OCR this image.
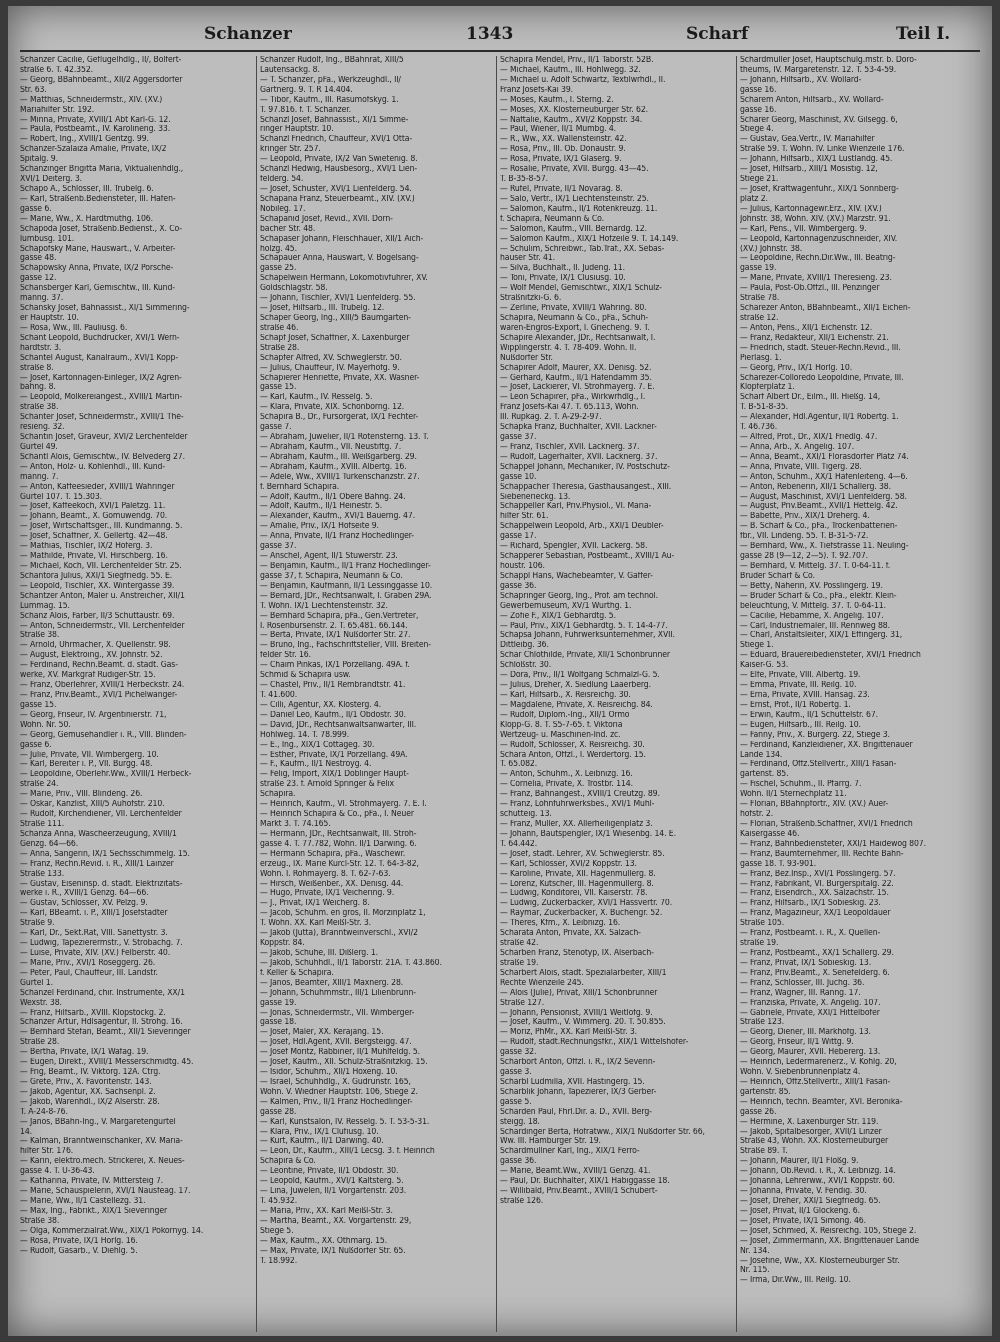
Schanzer	1343	Scharf	Teil I.
Schanzer Cäcilie, Geflügelhdlg., II/, Bolfert-
straße 6. T. 42.352.
— Georg, BBahnbeamt., XII/2 Aggersdorfer
Str. 63.
— Matthias, Schneidermstr., XIV. (XV.)
Mariahilfer Str. 192.
— Minna, Private, XVIII/1 Abt Karl-G. 12.
— Paula, Postbeamt., IV. Karolineng. 33.
— Robert, Ing., XVIII/1 Gentzg. 99.
Schanzer-Szalaiza Amalie, Private, IX/2
Spitalg. 9.
Schanzinger Brigitta Maria, Viktualienhdlg.,
XVI/1 Deiterg. 3.
Schapo A., Schlosser, III. Trubelg. 6.
— Karl, Straßenb.Bediensteter, III. Hafen-
gasse 6.
— Marie, Ww., X. Hardtmuthg. 106.
Schapoda Josef, Straßenb.Bedienst., X. Co-
lumbusg. 101.
Schapofsky Marie, Hauswärt., V. Arbeiter-
gasse 48.
Schapowsky Anna, Private, IX/2 Porsche-
gasse 12.
Schansberger Karl, Gemischtw., III. Kund-
manng. 37.
Schansky Josef, Bahnassist., XI/1 Simmering-
er Hauptstr. 10.
— Rosa, Ww., III. Pauliusg. 6.
Schant Leopold, Buchdrucker, XVI/1 Wern-
hardtstr. 3.
Schantel August, Kanalräum., XVI/1 Kopp-
straße 8.
— Josef, Kartonnagen-Einleger, IX/2 Agren-
bahng. 8.
— Leopold, Molkereiangest., XVIII/1 Martin-
straße 38.
Schanter Josef, Schneidermstr., XVIII/1 Thé-
resieng. 32.
Schantin Josef, Graveur, XVI/2 Lerchenfelder
Gürtel 49.
Schantl Alois, Gemischtw., IV. Belvederg 27.
— Anton, Holz- u. Kohlenhdl., III. Kund-
manng. 7.
— Anton, Kaffeesieder, XVIII/1 Währinger
Gürtel 107. T. 15.303.
— Josef, Kaffeekoch, XVI/1 Paletzg. 11.
— Johann, Beamt., X. Gomuwendg. 70.
— Josef, Wirtschaftsger., III. Kundmanng. 5.
— Josef, Schaffner, X. Gellertg. 42—48.
— Mathias, Tischler, IX/2 Höferg. 3.
— Mathilde, Private, VI. Hirschberg. 16.
— Michael, Koch, VII. Lerchenfelder Str. 25.
Schantora Julius, XXI/1 Siegfriedg. 55. E.
— Leopold, Tischler, XX. Wintergasse 39.
Schantzer Anton, Maler u. Anstreicher, XII/1
Lummag. 15.
Schanz Alois, Färber, II/3 Schüttaustr. 69.
— Anton, Schneidermstr., VII. Lerchenfelder
Straße 38.
— Arnold, Uhrmacher, X. Quellenstr. 98.
— August, Elektroing., XV. Johnstr. 52.
— Ferdinand, Rechn.Beamt. d. städt. Gas-
werke, XV. Markgraf Rüdiger-Str. 15.
— Franz, Oberlehrer, XVIII/1 Herbeckstr. 24.
— Franz, Priv.Beamt., XVI/1 Pichelwanger-
gasse 15.
— Georg, Friseur, IV. Argentinierstr. 71,
Wohn. Nr. 50.
— Georg, Gemüsehändler i. R., VIII. Blinden-
gasse 6.
— Julie, Private, VII. Wimbergerg. 10.
— Karl, Bereiter i. P., VII. Burgg. 48.
— Leopoldine, Oberlehr.Ww., XVIII/1 Herbeck-
straße 24.
— Marie, Priv., VIII. Blindeng. 26.
— Oskar, Kanzlist, XIII/5 Auhofstr. 210.
— Rudolf, Kirchendiener, VII. Lerchenfelder
Straße 111.
Schanza Anna, Wäscheerzeugung, XVIII/1
Genzg. 64—66.
— Anna, Sängerin, IX/1 Sechsschimmelg. 15.
— Franz, Rechn.Revid. i. R., XIII/1 Lainzer
Straße 133.
— Gustav, Eiseninsp. d. städt. Elektrizitäts-
werke i. R., XVIII/1 Genzg. 64—66.
— Gustav, Schlosser, XV. Pelzg. 9.
— Karl, BBeamt. i. P., XIII/1 Josefstädter
Straße 9.
— Karl, Dr., Sekt.Rat, VIII. Sanettystr. 3.
— Ludwig, Tapezierermstr., V. Strobachg. 7.
— Luise, Private, XIV. (XV.) Felberstr. 40.
— Marie, Priv., XVI/1 Roseggerg. 26.
— Peter, Paul, Chauffeur, III. Landstr.
Gürtel 1.
Schänzel Ferdinand, chir. Instrumente, XX/1
Wexstr. 38.
— Franz, Hilfsarb., XVIII. Klopstockg. 2.
Schanzer Artur, Hdlsagentur, II. Strohg. 16.
— Bernhard Stefan, Beamt., XII/1 Sieveringer
Straße 28.
— Bertha, Private, IX/1 Wafag. 19.
— Eugen, Direkt., XVIII/1 Messerschmidtg. 45.
— Frig, Beamt., IV. Viktorg. 12A. Ctrg.
— Grete, Priv., X. Favoritenstr. 143.
— Jakob, Agentur, XX. Sachsenpl. 2.
— Jakob, Warenhdl., IX/2 Alserstr. 28.
T. A-24-8-76.
— Janos, BBahn-Ing., V. Margaretengürtel
14.
— Kalman, Branntweinschänker, XV. Maria-
hilfer Str. 176.
— Karin, elektro.mech. Strickerei, X. Neues-
gasse 4. T. U-36-43.
— Katharina, Private, IV. Mittersteig 7.
— Marie, Schauspielerin, XVI/1 Nausfeag. 17.
— Marie, Ww., II/1 Castellezg. 31.
— Max, Ing., Fabrikt., XIX/1 Sieveringer
Straße 38.
— Olga, Kommerzialrat.Ww., XIX/1 Pokornyg. 14.
— Rosa, Private, IX/1 Hörlg. 16.
— Rudolf, Gasarb., V. Diehlg. 5.
Schanzer Rudolf, Ing., BBahnrat, XIII/5
Lautensackg. 8.
— T. Schanzer, pFa., Werkzeughdl., II/
Gärtnerg. 9. T. R 14.404.
— Tibor, Kaufm., III. Rasumofskyg. 1.
T. 97.816. f. T. Schanzer.
Schanzl Josef, Bahnassist., XI/1 Simme-
ringer Hauptstr. 10.
Schanzl Friedrich, Chauffeur, XVI/1 Otta-
kringer Str. 257.
— Leopold, Private, IX/2 Van Swietenig. 8.
Schänzl Hedwig, Hausbesorg., XVI/1 Lien-
felderg. 54.
— Josef, Schuster, XVI/1 Lienfelderg. 54.
Schapana Franz, Steuerbeamt., XIV. (XV.)
Nobileg. 17.
Schapanid Josef, Revid., XVII. Dorn-
bacher Str. 48.
Schapaser Johann, Fleischhauer, XII/1 Aich-
holzg. 45.
Schapauer Anna, Hauswart, V. Bogelsang-
gasse 25.
Schapelwein Hermann, Lokomotivführer, XV.
Goldschlagstr. 58.
— Johann, Tischler, XVI/1 Lienfelderg. 55.
— Josef, Hilfsarb., III. Trubelg. 12.
Schaper Georg, Ing., XIII/5 Baumgarten-
straße 46.
Schapf Josef, Schaffner, X. Laxenburger
Straße 28.
Schapfer Alfred, XV. Schweglerstr. 50.
— Julius, Chauffeur, IV. Mayerhofg. 9.
Schapierer Henriette, Private, XX. Wasner-
gasse 15.
— Karl, Kaufm., IV. Resselg. 5.
— Klara, Private, XIX. Schönborng. 12.
Schapira B., Dr., Fürsorgerat, IX/1 Fechter-
gasse 7.
— Abraham, Juwelier, II/1 Rotensterng. 13. T.
— Abraham, Kaufm., VII. Neustiftg. 7.
— Abraham, Kaufm., III. Weißgärberg. 29.
— Abraham, Kaufm., XVIII. Albertg. 16.
— Adele, Ww., XVIII/1 Türkenschanzstr. 27.
f. Bernhard Schapira.
— Adolf, Kaufm., II/1 Obere Bahng. 24.
— Adolf, Kaufm., II/1 Heinestr. 5.
— Alexander, Kaufm., XVI/1 Bauerng. 47.
— Amalie, Priv., IX/1 Hofseite 9.
— Anna, Private, II/1 Franz Hochedlinger-
gasse 37.
— Anschel, Agent, II/1 Stuwerstr. 23.
— Benjamin, Kaufm., II/1 Franz Hochedlinger-
gasse 37, f. Schapira, Neumann & Co.
— Benjamin, Kaufmann, II/1 Lessinggasse 10.
— Bernard, JDr., Rechtsanwalt, I. Graben 29A.
T. Wohn. IX/1 Liechtensteinstr. 32.
— Bernhard Schapira, pFa., Gen.Vertreter,
I. Rosenbursenstr. 2. T. 65.481. 66.144.
— Berta, Private, IX/1 Nußdorfer Str. 27.
— Bruno, Ing., Fachschriftsteller, VIII. Breiten-
felder Str. 16.
— Chaim Pinkas, IX/1 Porzellang. 49A. f.
Schmid & Schapira usw.
— Chastel, Priv., II/1 Rembrandtstr. 41.
T. 41.600.
— Cilli, Agentur, XX. Klosterg. 4.
— Daniel Leo, Kaufm., II/1 Obdostr. 30.
— David, JDr., Rechtsanwaltsanwärter, III.
Hohlweg. 14. T. 78.999.
— E., Ing., XIX/1 Cottageg. 30.
— Esther, Private, IX/1 Porzellang. 49A.
— F., Kaufm., II/1 Nestroyg. 4.
— Felig, Import, XIX/1 Döblinger Haupt-
straße 23. f. Arnold Springer & Felix
Schapira.
— Heinrich, Kaufm., VI. Strohmayerg. 7. E. I.
— Heinrich Schapira & Co., pFa., I. Neuer
Markt 3. T. 74.165.
— Hermann, JDr., Rechtsanwalt, III. Stroh-
gasse 4. T. 77.782, Wohn. II/1 Darwing. 6.
— Hermann Schapira, pFa., Wäschewr.
erzeug., IX. Marie Kurcl-Str. 12. T. 64-3-82,
Wohn. I. Rohmayerg. 8. T. 62-7-63.
— Hirsch, Weißenber., XX. Denisg. 44.
— Hugo, Private, IX/1 Veichering. 9.
— J., Privat, IX/1 Weicherg. 8.
— Jacob, Schuhm. en gros, II. Morzinplatz 1,
T. Wohn. XX. Karl Meißl-Str. 3.
— Jakob (Jutta), Branntweinverschl., XVI/2
Koppstr. 84.
— Jakob, Schuhe, III. Dißlerg. 1.
— Jakob, Schuhhdl., II/1 Taborstr. 21A. T. 43.860.
f. Keller & Schapira.
— Janos, Beamter, XIII/1 Maxnerg. 28.
— Johann, Schuhmmstr., III/1 Lilienbrunn-
gasse 19.
— Jonas, Schneidermstr., VII. Wimberger-
gasse 18.
— Josef, Maler, XX. Kerajang. 15.
— Josef, Hdl.Agent, XVII. Bergsteigg. 47.
— Josef Moritz, Rabbiner, II/1 Mühlfeldg. 5.
— Josef, Kaufm., XII. Schulz-Straßnitzkig. 15.
— Isidor, Schuhm., XII/1 Hoxeng. 10.
— Israel, Schuhhdlg., X. Gudrunstr. 165,
Wohn. V. Wiedner Hauptstr. 106, Stiege 2.
— Kalmen, Priv., II/1 Franz Hochedlinger-
gasse 28.
— Karl, Kunstsalon, IV. Resselg. 5. T. 53-5-31.
— Klara, Priv., IX/1 Clufiusg. 10.
— Kurt, Kaufm., II/1 Darwing. 40.
— Leon, Dr., Kaufm., XIII/1 Lecsg. 3. f. Heinrich
Schapira & Co.
— Leontine, Private, II/1 Obdostr. 30.
— Leopold, Kaufm., XVI/1 Kaltsterg. 5.
— Lina, Juwelen, II/1 Vorgartenstr. 203.
T. 45.932.
— Maria, Priv., XX. Karl Meißl-Str. 3.
— Martha, Beamt., XX. Vorgartenstr. 29,
Stiege 5.
— Max, Kaufm., XX. Othmarg. 15.
— Max, Private, IX/1 Nußdorfer Str. 65.
T. 18.992.
Schapira Mendel, Priv., II/1 Taborstr. 52B.
— Michael, Kaufm., III. Hohlwegg. 32.
— Michael u. Adolf Schwartz, Textilwrhdl., II.
Franz Josefs-Kai 39.
— Moses, Kaufm., I. Sterng. 2.
— Moses, XX. Klosterneuburger Str. 62.
— Naftalie, Kaufm., XVI/2 Koppstr. 34.
— Paul, Wiener, II/1 Mumbg. 4.
— R., Ww., XX. Wallensteinstr. 42.
— Rosa, Priv., III. Ob. Donaustr. 9.
— Rosa, Private, IX/1 Glaserg. 9.
— Rosalie, Private, XVII. Burgg. 43—45.
T. B-35-8-57.
— Rüfel, Private, II/1 Novarag. 8.
— Salo, Vertr., IX/1 Liechtensteinstr. 25.
— Salomon, Kaufm., II/1 Rotenkreuzg. 11.
f. Schapira, Neumann & Co.
— Salomon, Kaufm., VIII. Bernardg. 12.
— Salomon Kaufm., XIX/1 Hofzeile 9. T. 14.149.
— Schulim, Schreibwr., Tab.Traf., XX. Sebas-
hauser Str. 41.
— Silva, Buchhalt., II. Judeng. 11.
— Toni, Private, IX/1 Clusiusg. 10.
— Wolf Mendel, Gemischtwr., XIX/1 Schulz-
Straßnitzki-G. 6.
— Zerline, Private, XVIII/1 Währing. 80.
Schapira, Neumann & Co., pFa., Schuh-
waren-Engros-Export, I. Griecheng. 9. T.
Schapire Alexander, JDr., Rechtsanwalt, I.
Wipplingerstr. 4. T. 78-409. Wohn. II.
Nußdorfer Str.
Schapirer Adolf, Maurer, XX. Denisg. 52.
— Gerhard, Kaufm., II/1 Hafendamm 35.
— Josef, Lackierer, VI. Strohmayerg. 7. E.
— Leon Schapirer, pFa., Wirkwrhdlg., I.
Franz Josefs-Kai 47. T. 65.113, Wohn.
III. Rupkag. 2. T. A-29-2-97.
Schapka Franz, Buchhalter, XVII. Lackner-
gasse 37.
— Franz, Tischler, XVII. Lacknerg. 37.
— Rudolf, Lagerhalter, XVII. Lacknerg. 37.
Schappel Johann, Mechaniker, IV. Postschütz-
gasse 10.
Schappacher Theresia, Gasthausangest., XIII.
Siebenerieckg. 13.
Schappeller Karl, Priv.Physiol., VI. Maria-
hilfer Str. 61.
Schappelwein Leopold, Arb., XXI/1 Deubler-
gasse 17.
— Richard, Spengler, XVII. Lackerg. 58.
Schapperer Sebastian, Postbeamt., XVIII/1 Au-
houstr. 106.
Schappl Hans, Wachebeamter, V. Gaffer-
gasse 36.
Schapringer Georg, Ing., Prof. am technol.
Gewerbemuseum, XV/1 Würthg. 1.
— Zofie F., XIX/1 Gebhardtg. 5.
— Paul, Priv., XIX/1 Gebhardtg. 5. T. 14-4-77.
Schapsa Johann, Fuhrwerksunternehmer, XVII.
Dittleibg. 36.
Schar Chlothilde, Private, XII/1 Schönbrunner
Schloßstr. 30.
— Dora, Priv., II/1 Wolfgang Schmälzl-G. 5.
— Julius, Dreher, X. Siedlung Laaerberg.
— Karl, Hilfsarb., X. Reisreichg. 30.
— Magdalene, Private, X. Reisreichg. 84.
— Rudolf, Diplom.-Ing., XII/1 Ormo
Klopp-G. 8. T. S5-7-65. f. Viktoria
Wertzeug- u. Maschinen-Ind. zc.
— Rudolf, Schlosser, X. Reisreichg. 30.
Schara Anton, Offzl., I. Werdertorg. 15.
T. 65.082.
— Anton, Schuhm., X. Leibnizg. 16.
— Cornelia, Private, X. Trostbr. 114.
— Franz, Bahnangest., XVIII/1 Creutzg. 89.
— Franz, Lohnfuhrwerksbes., XVI/1 Mühl-
schütteig. 13.
— Franz, Müller, XX. Allerheiligenplatz 3.
— Johann, Bautspengler, IX/1 Wiesenbg. 14. E.
T. 64.442.
— Josef, städt. Lehrer, XV. Schweglerstr. 85.
— Karl, Schlosser, XVI/2 Koppstr. 13.
— Karoline, Private, XII. Hagenmüllerg. 8.
— Lorenz, Kutscher, III. Hagenmüllerg. 8.
— Ludwig, Konditorei, VII. Kaiserstr. 78.
— Ludwig, Zuckerbäcker, XVI/1 Hassvertr. 70.
— Raymar, Zuckerbäcker, X. Buchengr. 52.
— Theres, Kfm., X. Leibnizg. 16.
Scharata Anton, Private, XX. Salzach-
straße 42.
Scharben Franz, Stenotyp, IX. Alserbach-
straße 19.
Scharbert Alois, städt. Spezialarbeiter, XIII/1
Rechte Wienzeile 245.
— Alois (Julie), Privat, XIII/1 Schönbrunner
Straße 127.
— Johann, Pensionist, XVIII/1 Weitlofg. 9.
— Josef, Kaufm., V. Wimmerg. 20. T. 50.855.
— Moriz, PhMr., XX. Karl Meißl-Str. 3.
— Rudolf, städt.Rechnungsfkr., XIX/1 Wittelshofer-
gasse 32.
Scharbort Anton, Offzl. i. R., IX/2 Severin-
gasse 3.
Scharbl Ludmilla, XVII. Hastingerg. 15.
Scharblik Johann, Tapezierer, IX/3 Gerber-
gasse 5.
Scharden Paul, Fhrl.Dir. a. D., XVII. Berg-
steigg. 18.
Schardinger Berta, Hofratww., XIX/1 Nußdorfer Str. 66,
Ww. III. Hamburger Str. 19.
Schardmüllner Karl, Ing., XIX/1 Ferro-
gasse 36.
— Marie, Beamt.Ww., XVIII/1 Genzg. 41.
— Paul, Dr. Buchhalter, XIX/1 Habiggasse 18.
— Willibald, Priv.Beamt., XVIII/1 Schubert-
straße 126.
Schardmüller Josef, Hauptschulg.mstr. b. Doro-
theums, IV. Margaretenstr. 12. T. 53-4-59.
— Johann, Hilfsarb., XV. Wollard-
gasse 16.
Scharem Anton, Hilfsarb., XV. Wollard-
gasse 16.
Scharer Georg, Maschinist, XV. Gilsegg. 6,
Stiege 4.
— Gustav, Gea.Vertr., IV. Mariahilfer
Straße 59. T. Wohn. IV. Linke Wienzeile 176.
— Johann, Hilfsarb., XIX/1 Lustlandg. 45.
— Josef, Hilfsarb., XIII/1 Mosistig. 12,
Stiege 21.
— Josef, Kraftwagenführ., XIX/1 Sonnberg-
platz 2.
— Julius, Kartonnagewr.Erz., XIV. (XV.)
Johnstr. 38, Wohn. XIV. (XV.) Märzstr. 91.
— Karl, Pens., VII. Wimbergerg. 9.
— Leopold, Kartonnagenzuschneider, XIV.
(XV.) Johnstr. 38.
— Leopoldine, Rechn.Dir.Ww., III. Beatrig-
gasse 19.
— Marie, Private, XVIII/1 Theresieng. 23.
— Paula, Post-Ob.Offzl., III. Penzinger
Straße 78.
Scharezer Anton, BBahnbeamt., XII/1 Eichen-
straße 12.
— Anton, Pens., XII/1 Eichenstr. 12.
— Franz, Redakteur, XII/1 Eichenstr. 21.
— Friedrich, städt. Steuer-Rechn.Revid., III.
Pierlasg. 1.
— Georg, Priv., IX/1 Hörlg. 10.
Scharezer-Colloredo Leopoldine, Private, III.
Klopferplatz 1.
Scharf Albert Dr., Eilm., III. Hießg. 14,
T. B-51-8-35.
— Alexander, Hdl.Agentur, II/1 Robertg. 1.
T. 46.736.
— Alfred, Prof., Dr., XIX/1 Friedlg. 47.
— Anna, Arb., X. Angelig. 107.
— Anna, Beamt., XXI/1 Florasdorfer Platz 74.
— Anna, Private, VIII. Tigerg. 28.
— Anton, Schuhm., XX/1 Hafenleiteng. 4—6.
— Anton, Rebenerin, XII/1 Schallerg. 38.
— August, Maschinist, XVI/1 Lienfelderg. 58.
— August, Priv.Beamt., XVII/1 Hettelg. 42.
— Babette, Priv., XIX/1 Dreherg. 4.
— B. Scharf & Co., pFa., Trockenbatterien-
fbr., VII. Lindeng. 55. T. B-31-5-72.
— Bernhard, Ww., X. Tiefstrasse 11. Neuling-
gasse 28 (9—12, 2—5). T. 92.707.
— Bernhard, V. Mittelg. 37. T. 0-64-11. f.
Brüder Scharf & Co.
— Betty, Näherin, XV. Posslingerg. 19.
— Brüder Scharf & Co., pFa., elektr. Klein-
beleuchtung, V. Mittelg. 37. T. 0-64-11.
— Cäcilie, Hebamme, X. Angelig. 107.
— Carl, Industriemaler, III. Rennweg 88.
— Charl, Anstaltsleiter, XIX/1 Effingerg. 31,
Stiege 1.
— Eduard, Brauereibediensteter, XVI/1 Friedrich
Kaiser-G. 53.
— Elfe, Private, VIII. Albertg. 19.
— Emma, Private, III. Reilg. 10.
— Erna, Private, XVIII. Hansag. 23.
— Ernst, Prof., II/1 Robertg. 1.
— Erwin, Kaufm., II/1 Schüttelstr. 67.
— Eugen, Hilfsarb., III. Reilg. 10.
— Fanny, Priv., X. Bürgerg. 22, Stiege 3.
— Ferdinand, Kanzleidiener, XX. Brigittenauer
Lände 134.
— Ferdinand, Offz.Stellvertr., XIII/1 Fasan-
gartenst. 85.
— Fischel, Schuhm., II. Pfarrg. 7.
Wohn. II/1 Sternechplatz 11.
— Florian, BBahnpförtr., XIV. (XV.) Auer-
hofstr. 2.
— Florian, Straßenb.Schaffner, XVI/1 Friedrich
Kaisergasse 46.
— Franz, Bahnbediensteter, XXI/1 Haidewog 807.
— Franz, Baumternehmer, III. Rechte Bahn-
gasse 18. T. 93-901.
— Franz, Bez.Insp., XVI/1 Posslingerg. 57.
— Franz, Fabrikant, VI. Bürgerspitalg. 22.
— Franz, Eisendrch., XX. Salzachstr. 15.
— Franz, Hilfsarb., IX/1 Sobieskig. 23.
— Franz, Magazineur, XX/1 Leopoldauer
Straße 105.
— Franz, Postbeamt. i. R., X. Quellen-
straße 19.
— Franz, Postbeamt., XX/1 Schallerg. 29.
— Franz, Privat, IX/1 Sobieskig. 13.
— Franz, Priv.Beamt., X. Senefelderg. 6.
— Franz, Schlosser, III. Juchg. 36.
— Franz, Wagner, III. Ranng. 17.
— Franziska, Private, X. Angelig. 107.
— Gabriele, Private, XXI/1 Hittelbofer
Straße 123.
— Georg, Diener, III. Markhofg. 13.
— Georg, Friseur, II/1 Wittg. 9.
— Georg, Maurer, XVII. Hebererg. 13.
— Heinrich, Ledermarenerz., V. Kohlg. 20,
Wohn. V. Siebenbrunnenplatz 4.
— Heinrich, Offz.Stellvertr., XIII/1 Fasan-
gartenstr. 85.
— Heinrich, techn. Beamter, XVI. Beronika-
gasse 26.
— Hermine, X. Laxenburger Str. 119.
— Jakob, Spitalbesorger, XVII/1 Linzer
Straße 43, Wohn. XX. Klosterneuburger
Straße 89. T.
— Johann, Maurer, II/1 Floßg. 9.
— Johann, Ob.Revid. i. R., X. Leibnizg. 14.
— Johanna, Lehrerww., XVI/1 Koppstr. 60.
— Johanna, Private, V. Fendig. 30.
— Josef, Dreher, XXI/1 Siegfriedg. 65.
— Josef, Privat, II/1 Glockeng. 6.
— Josef, Private, IX/1 Simong. 46.
— Josef, Schmied, X. Reisreichg. 105, Stiege 2.
— Josef, Zimmermann, XX. Brigittenauer Lände
Nr. 134.
— Josefine, Ww., XX. Klosterneuburger Str.
Nr. 115.
— Irma, Dir.Ww., III. Reilg. 10.
